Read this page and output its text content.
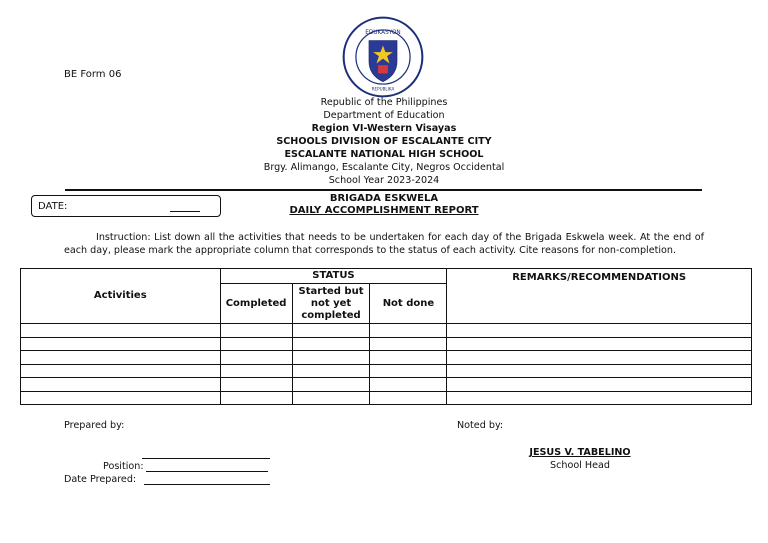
BE Form 06
EDUKASYON
REPUBLIKA
Republic of the Philippines
Department of Education
Region VI-Western Visayas
SCHOOLS DIVISION OF ESCALANTE CITY
ESCALANTE NATIONAL HIGH SCHOOL
Brgy. Alimango, Escalante City, Negros Occidental
School Year 2023-2024
DATE:
BRIGADA ESKWELA
DAILY ACCOMPLISHMENT REPORT
Instruction: List down all the activities that needs to be undertaken for each day of the Brigada Eskwela week. At the end of each day, please mark the appropriate column that corresponds to the status of each activity. Cite reasons for non-completion.
Activities	STATUS			REMARKS/RECOMMENDATIONS
	Completed	Started but not yet completed	Not done	

Prepared by:
Position:
Date Prepared:
Noted by:
JESUS V. TABELINO
School Head
